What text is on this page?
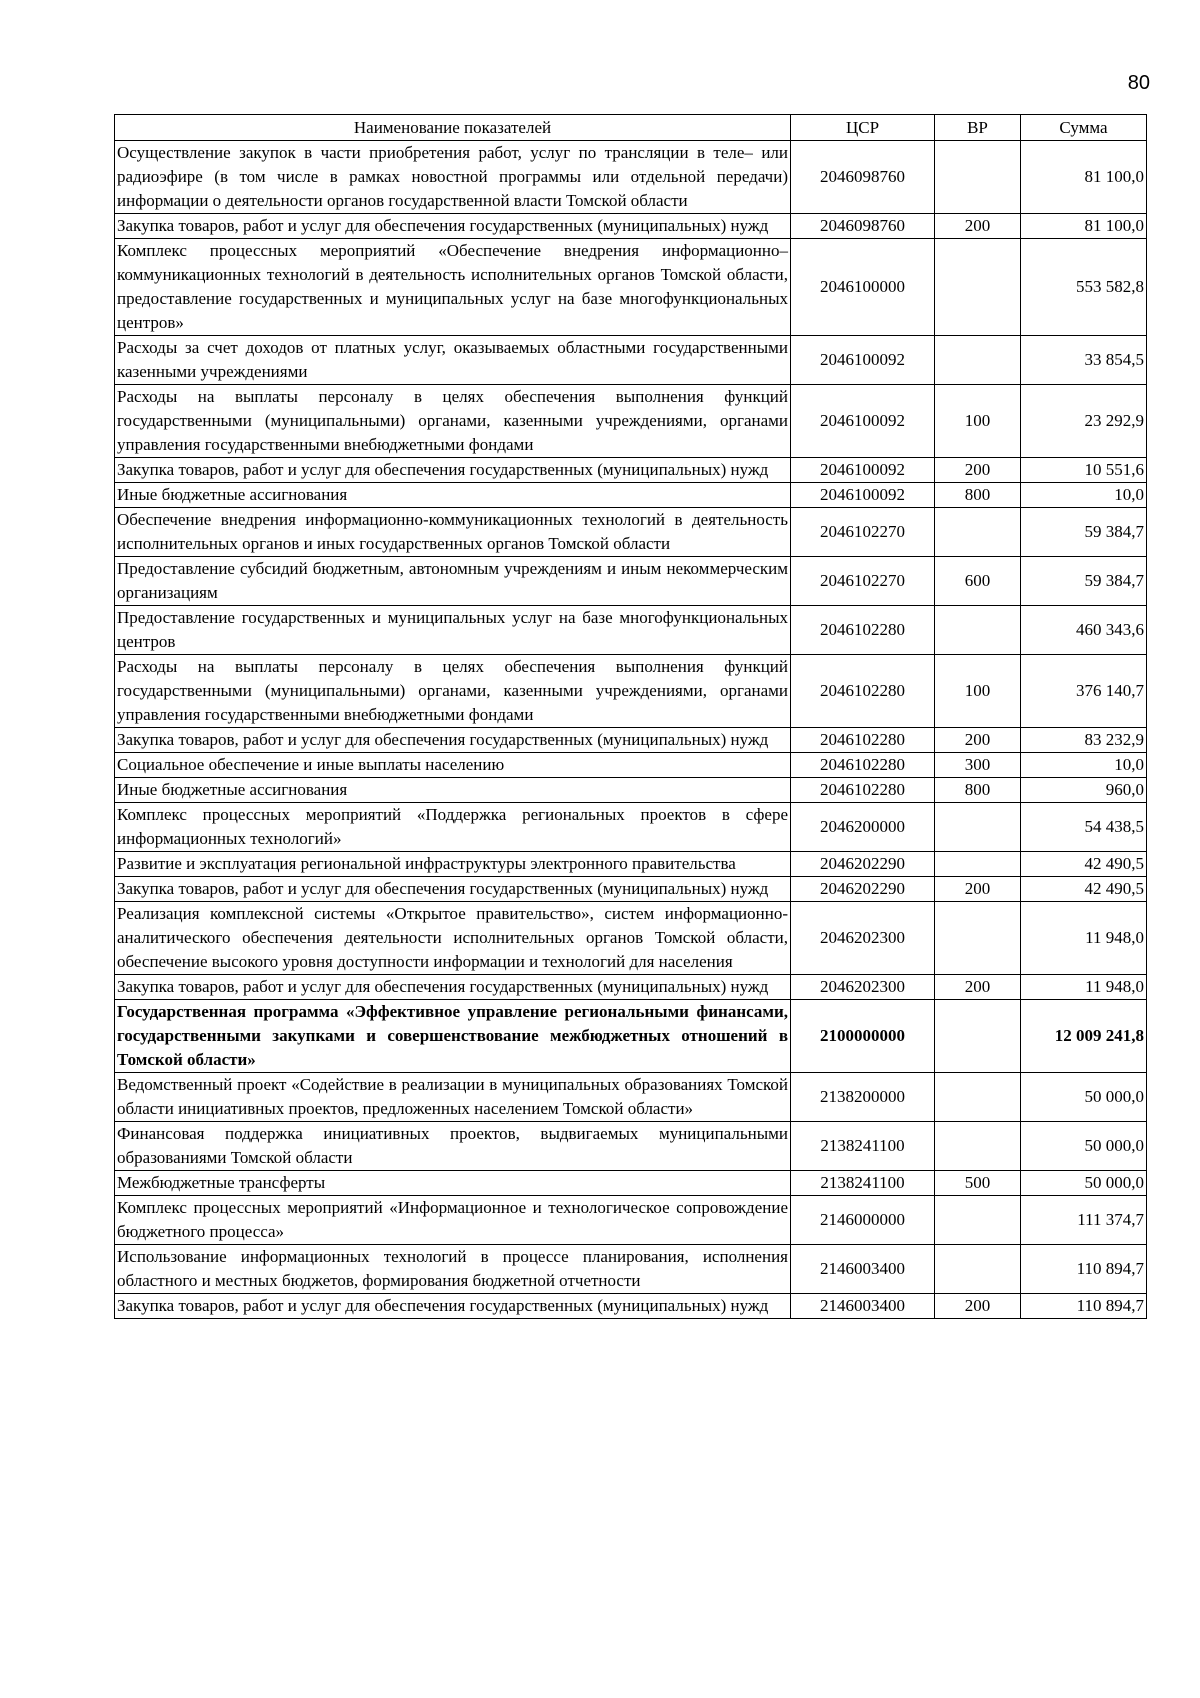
80
Наименование показателей	ЦСР	ВР	Сумма
Осуществление закупок в части приобретения работ, услуг по трансляции в теле– или радиоэфире (в том числе в рамках новостной программы или отдельной передачи) информации о деятельности органов государственной власти Томской области	2046098760		81 100,0
Закупка товаров, работ и услуг для обеспечения государственных (муниципальных) нужд	2046098760	200	81 100,0
Комплекс процессных мероприятий «Обеспечение внедрения информационно–коммуникационных технологий в деятельность исполнительных органов Томской области, предоставление государственных и муниципальных услуг на базе многофункциональных центров»	2046100000		553 582,8
Расходы за счет доходов от платных услуг, оказываемых областными государственными казенными учреждениями	2046100092		33 854,5
Расходы на выплаты персоналу в целях обеспечения выполнения функций государственными (муниципальными) органами, казенными учреждениями, органами управления государственными внебюджетными фондами	2046100092	100	23 292,9
Закупка товаров, работ и услуг для обеспечения государственных (муниципальных) нужд	2046100092	200	10 551,6
Иные бюджетные ассигнования	2046100092	800	10,0
Обеспечение внедрения информационно-коммуникационных технологий в деятельность исполнительных органов и иных государственных органов Томской области	2046102270		59 384,7
Предоставление субсидий бюджетным, автономным учреждениям и иным некоммерческим организациям	2046102270	600	59 384,7
Предоставление государственных и муниципальных услуг на базе многофункциональных центров	2046102280		460 343,6
Расходы на выплаты персоналу в целях обеспечения выполнения функций государственными (муниципальными) органами, казенными учреждениями, органами управления государственными внебюджетными фондами	2046102280	100	376 140,7
Закупка товаров, работ и услуг для обеспечения государственных (муниципальных) нужд	2046102280	200	83 232,9
Социальное обеспечение и иные выплаты населению	2046102280	300	10,0
Иные бюджетные ассигнования	2046102280	800	960,0
Комплекс процессных мероприятий «Поддержка региональных проектов в сфере информационных технологий»	2046200000		54 438,5
Развитие и эксплуатация региональной инфраструктуры электронного правительства	2046202290		42 490,5
Закупка товаров, работ и услуг для обеспечения государственных (муниципальных) нужд	2046202290	200	42 490,5
Реализация комплексной системы «Открытое правительство», систем информационно-аналитического обеспечения деятельности исполнительных органов Томской области, обеспечение высокого уровня доступности информации и технологий для населения	2046202300		11 948,0
Закупка товаров, работ и услуг для обеспечения государственных (муниципальных) нужд	2046202300	200	11 948,0
Государственная программа «Эффективное управление региональными финансами, государственными закупками и совершенствование межбюджетных отношений в Томской области»	2100000000		12 009 241,8
Ведомственный проект «Содействие в реализации в муниципальных образованиях Томской области инициативных проектов, предложенных населением Томской области»	2138200000		50 000,0
Финансовая поддержка инициативных проектов, выдвигаемых муниципальными образованиями Томской области	2138241100		50 000,0
Межбюджетные трансферты	2138241100	500	50 000,0
Комплекс процессных мероприятий «Информационное и технологическое сопровождение бюджетного процесса»	2146000000		111 374,7
Использование информационных технологий в процессе планирования, исполнения областного и местных бюджетов, формирования бюджетной отчетности	2146003400		110 894,7
Закупка товаров, работ и услуг для обеспечения государственных (муниципальных) нужд	2146003400	200	110 894,7
